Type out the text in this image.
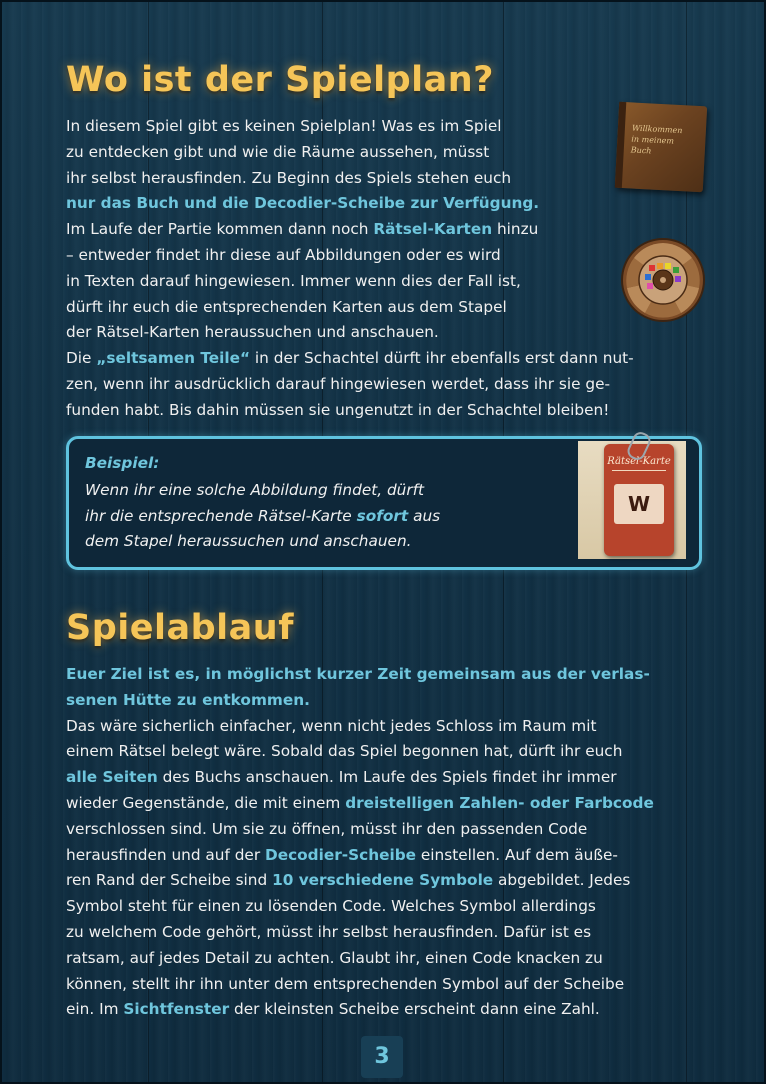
Wo ist der Spielplan?

In diesem Spiel gibt es keinen Spielplan! Was es im Spiel

zu entdecken gibt und wie die Räume aussehen, müsst

ihr selbst herausfinden. Zu Beginn des Spiels stehen euch

nur das Buch und die Decodier-Scheibe zur Verfügung.

Im Laufe der Partie kommen dann noch Rätsel-Karten hinzu

– entweder findet ihr diese auf Abbildungen oder es wird

in Texten darauf hingewiesen. Immer wenn dies der Fall ist,

dürft ihr euch die entsprechenden Karten aus dem Stapel

der Rätsel-Karten heraussuchen und anschauen.

Die „seltsamen Teile“ in der Schachtel dürft ihr ebenfalls erst dann nut-

zen, wenn ihr ausdrücklich darauf hingewiesen werdet, dass ihr sie ge-

funden habt. Bis dahin müssen sie ungenutzt in der Schachtel bleiben!

Willkommen in meinem Buch
Beispiel:

Wenn ihr eine solche Abbildung findet, dürft

ihr die entsprechende Rätsel-Karte sofort aus

dem Stapel heraussuchen und anschauen.

Rätsel-Karte
W
Spielablauf

Euer Ziel ist es, in möglichst kurzer Zeit gemeinsam aus der verlas-

senen Hütte zu entkommen.

Das wäre sicherlich einfacher, wenn nicht jedes Schloss im Raum mit

einem Rätsel belegt wäre. Sobald das Spiel begonnen hat, dürft ihr euch

alle Seiten des Buchs anschauen. Im Laufe des Spiels findet ihr immer

wieder Gegenstände, die mit einem dreistelligen Zahlen- oder Farbcode

verschlossen sind. Um sie zu öffnen, müsst ihr den passenden Code

herausfinden und auf der Decodier-Scheibe einstellen. Auf dem äuße-

ren Rand der Scheibe sind 10 verschiedene Symbole abgebildet. Jedes

Symbol steht für einen zu lösenden Code. Welches Symbol allerdings

zu welchem Code gehört, müsst ihr selbst herausfinden. Dafür ist es

ratsam, auf jedes Detail zu achten. Glaubt ihr, einen Code knacken zu

können, stellt ihr ihn unter dem entsprechenden Symbol auf der Scheibe

ein. Im Sichtfenster der kleinsten Scheibe erscheint dann eine Zahl.

3
